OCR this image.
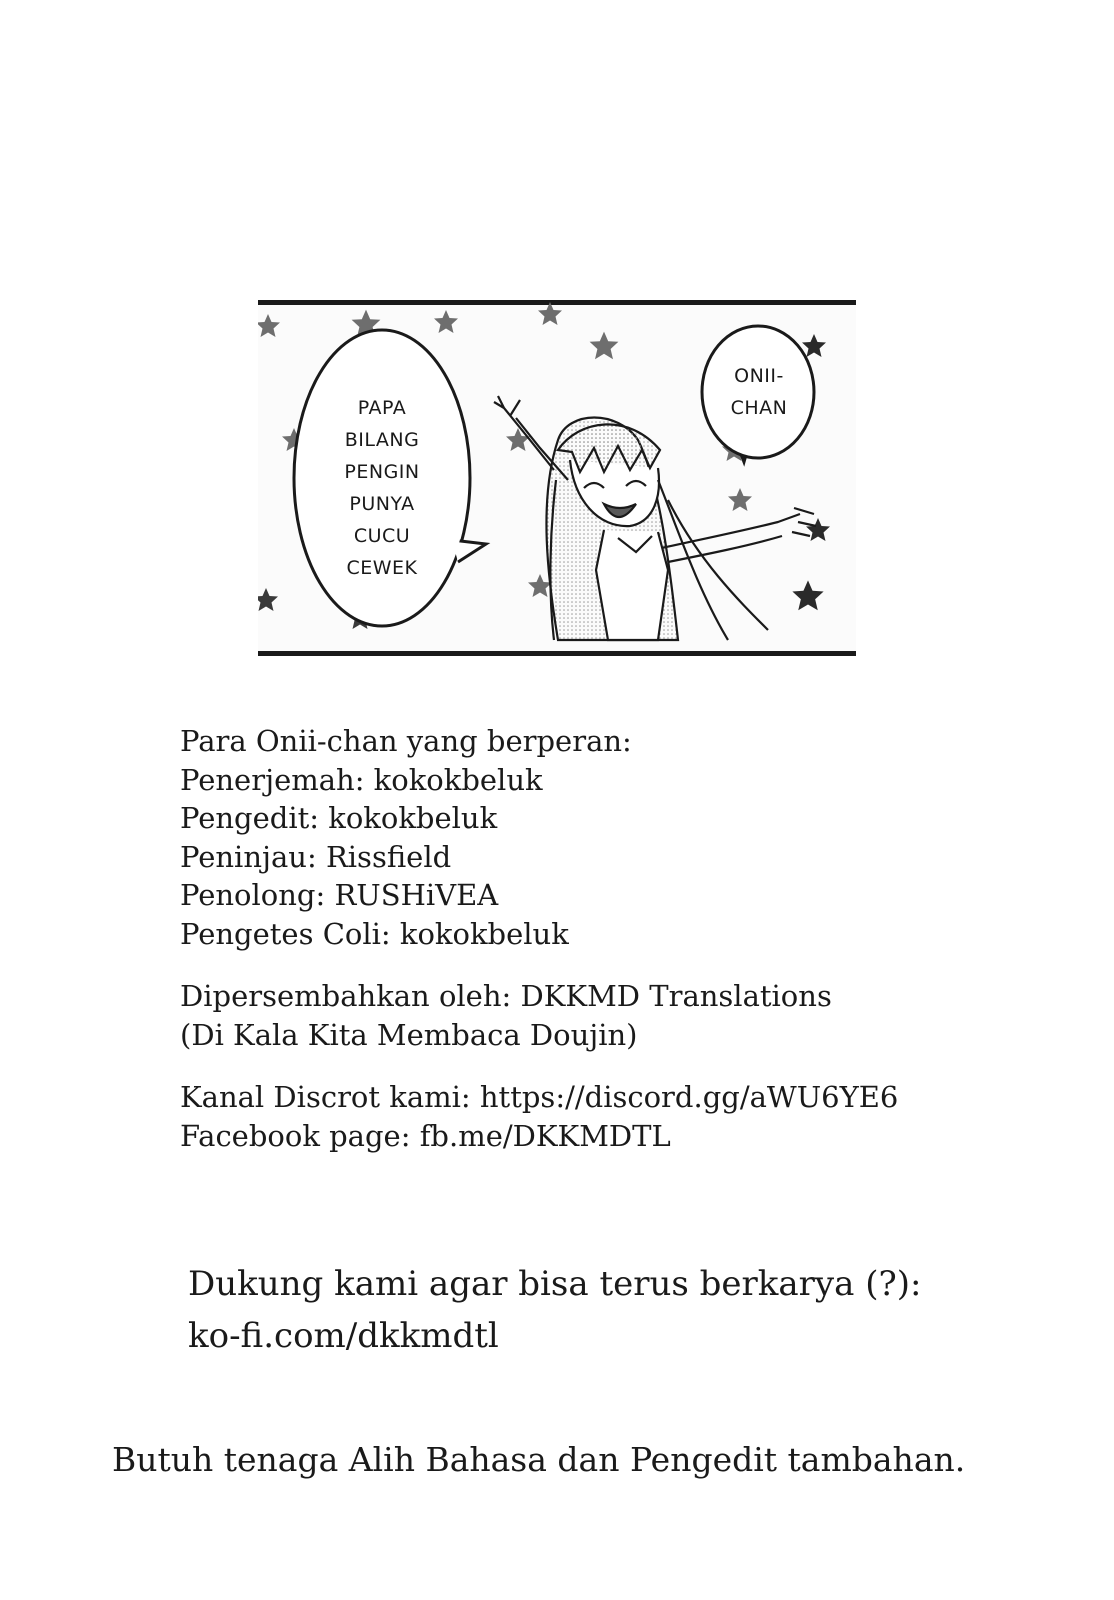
PAPA
BILANG
PENGIN
PUNYA
CUCU
CEWEK
ONII-
CHAN
Para Onii-chan yang berperan:
Penerjemah: kokokbeluk
Pengedit: kokokbeluk
Peninjau: Rissfield
Penolong: RUSHiVEA
Pengetes Coli: kokokbeluk
Dipersembahkan oleh: DKKMD Translations
(Di Kala Kita Membaca Doujin)
Kanal Discrot kami: https://discord.gg/aWU6YE6
Facebook page: fb.me/DKKMDTL
Dukung kami agar bisa terus berkarya (?):
ko-fi.com/dkkmdtl
Butuh tenaga Alih Bahasa dan Pengedit tambahan.
